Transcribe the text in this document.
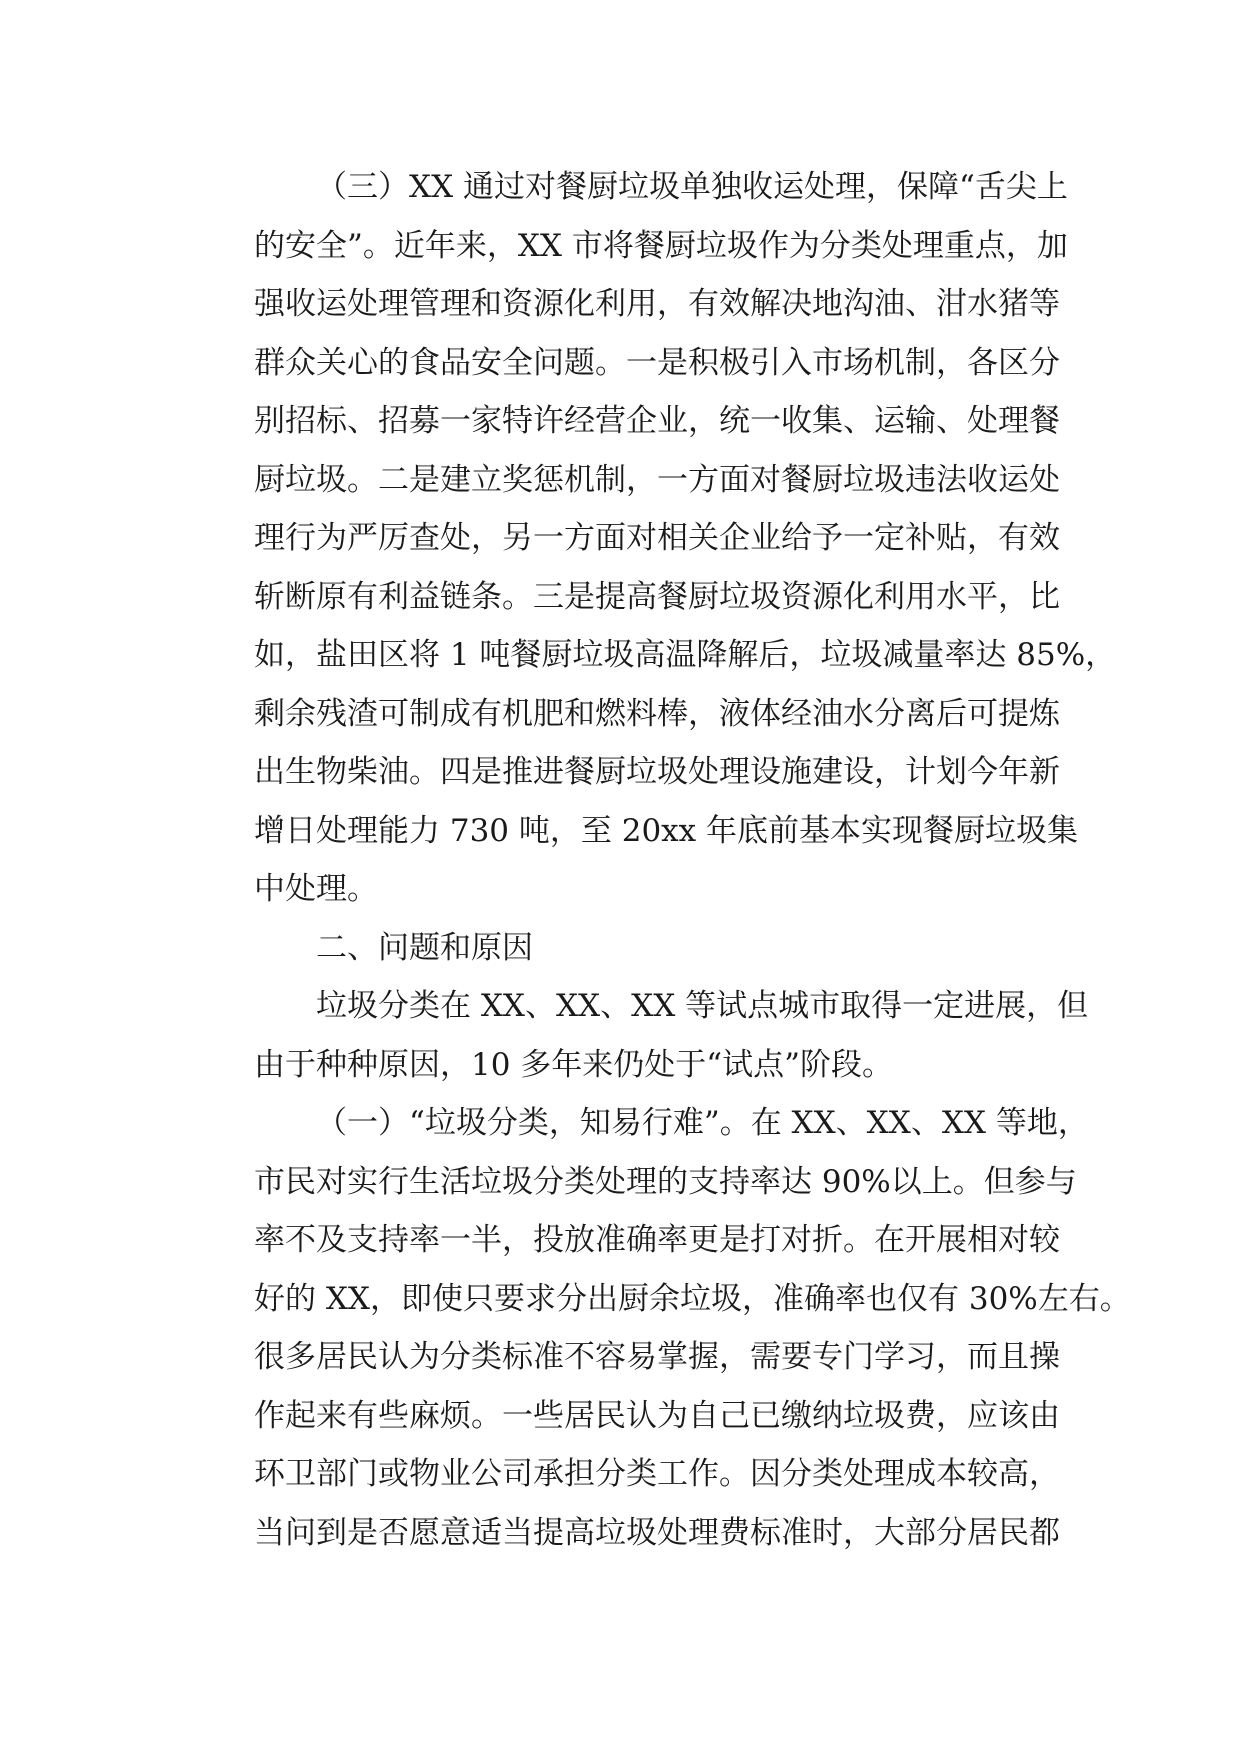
（三）XX 通过对餐厨垃圾单独收运处理，保障“舌尖上
的安全”。近年来，XX 市将餐厨垃圾作为分类处理重点，加
强收运处理管理和资源化利用，有效解决地沟油、泔水猪等
群众关心的食品安全问题。一是积极引入市场机制，各区分
别招标、招募一家特许经营企业，统一收集、运输、处理餐
厨垃圾。二是建立奖惩机制，一方面对餐厨垃圾违法收运处
理行为严厉查处，另一方面对相关企业给予一定补贴，有效
斩断原有利益链条。三是提高餐厨垃圾资源化利用水平，比
如，盐田区将 1 吨餐厨垃圾高温降解后，垃圾减量率达 85%，
剩余残渣可制成有机肥和燃料棒，液体经油水分离后可提炼
出生物柴油。四是推进餐厨垃圾处理设施建设，计划今年新
增日处理能力 730 吨，至 20xx 年底前基本实现餐厨垃圾集
中处理。
二、问题和原因
垃圾分类在 XX、XX、XX 等试点城市取得一定进展，但
由于种种原因，10 多年来仍处于“试点”阶段。
（一）“垃圾分类，知易行难”。在 XX、XX、XX 等地，
市民对实行生活垃圾分类处理的支持率达 90%以上。但参与
率不及支持率一半，投放准确率更是打对折。在开展相对较
好的 XX，即使只要求分出厨余垃圾，准确率也仅有 30%左右。
很多居民认为分类标准不容易掌握，需要专门学习，而且操
作起来有些麻烦。一些居民认为自己已缴纳垃圾费，应该由
环卫部门或物业公司承担分类工作。因分类处理成本较高，
当问到是否愿意适当提高垃圾处理费标准时，大部分居民都
